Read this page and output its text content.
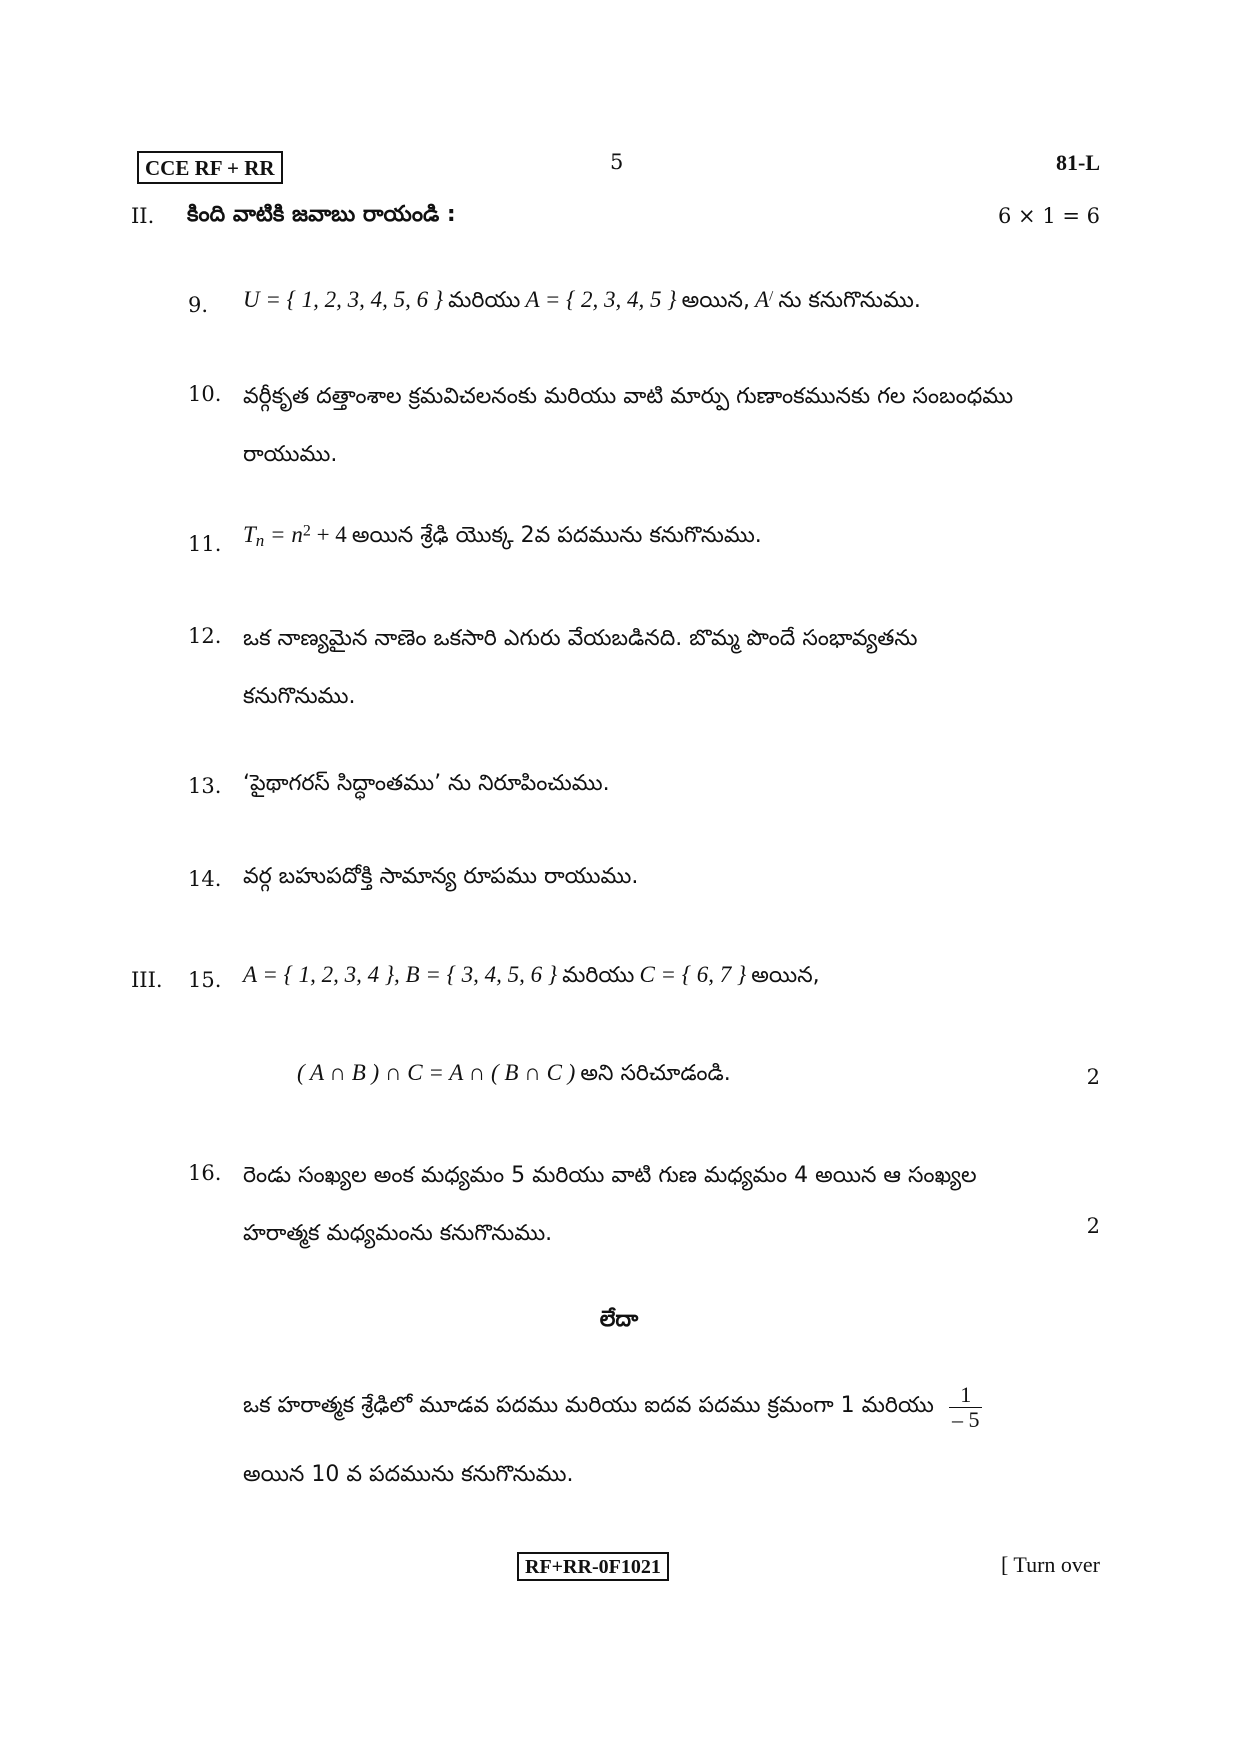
CCE RF + RR	5	81-L
II. కింది వాటికి జవాబు రాయండి :	6 × 1 = 6
9. U = { 1, 2, 3, 4, 5, 6 } మరియు A = { 2, 3, 4, 5 } అయిన, A/ ను కనుగొనుము.
10. వర్గీకృత దత్తాంశాల క్రమవిచలనంకు మరియు వాటి మార్పు గుణాంకమునకు గల సంబంధము
రాయుము.
11. $T_n = n^2 + 4$ అయిన శ్రేఢి యొక్క 2వ పదమును కనుగొనుము.
12. ఒక నాణ్యమైన నాణెం ఒకసారి ఎగురు వేయబడినది. బొమ్మ పొందే సంభావ్యతను
కనుగొనుము.
13. ‘పైథాగరస్ సిద్ధాంతము’ ను నిరూపించుము.
14. వర్గ బహుపదోక్తి సామాన్య రూపము రాయుము.
III. 15. A = { 1, 2, 3, 4 }, B = { 3, 4, 5, 6 } మరియు C = { 6, 7 } అయిన,
( A ∩ B ) ∩ C = A ∩ ( B ∩ C ) అని సరిచూడండి.	2
16. రెండు సంఖ్యల అంక మధ్యమం 5 మరియు వాటి గుణ మధ్యమం 4 అయిన ఆ సంఖ్యల
హరాత్మక మధ్యమంను కనుగొనుము.	2
లేదా
ఒక హరాత్మక శ్రేఢిలో మూడవ పదము మరియు ఐదవ పదము క్రమంగా 1 మరియు $\frac{1}{- 5}$
అయిన 10 వ పదమును కనుగొనుము.
RF+RR-0F1021	[ Turn over
